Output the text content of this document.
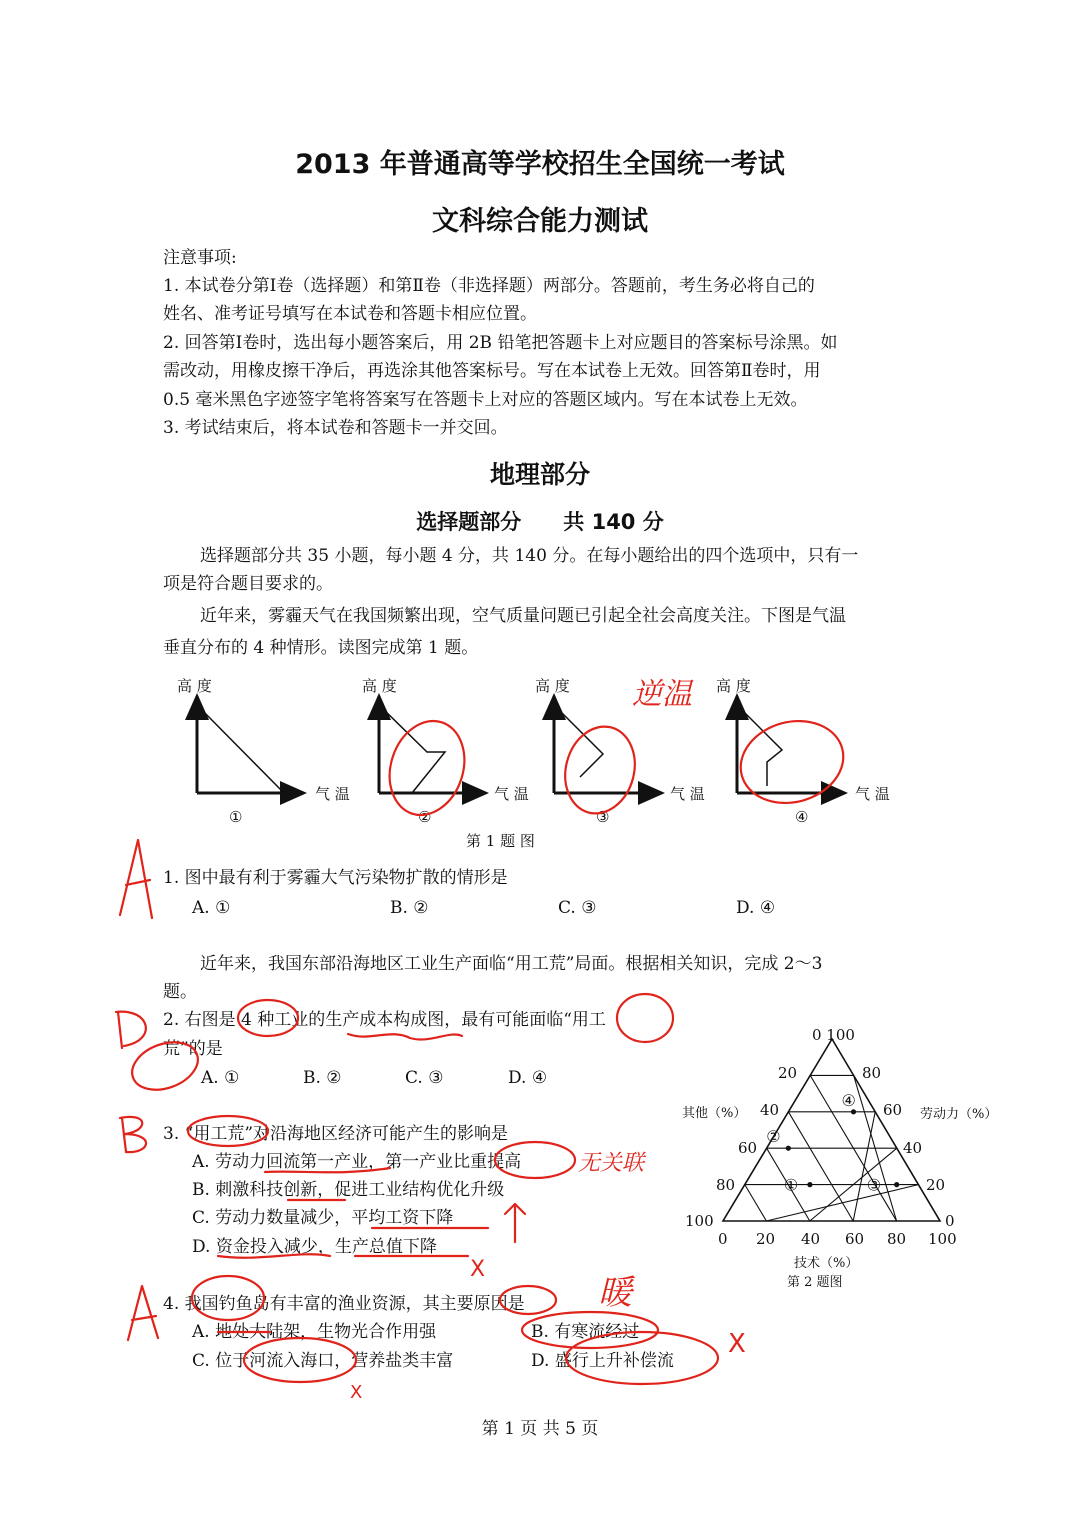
2013 年普通高等学校招生全国统一考试
文科综合能力测试
注意事项:
1. 本试卷分第Ⅰ卷（选择题）和第Ⅱ卷（非选择题）两部分。答题前，考生务必将自己的
姓名、准考证号填写在本试卷和答题卡相应位置。
2. 回答第Ⅰ卷时，选出每小题答案后，用 2B 铅笔把答题卡上对应题目的答案标号涂黑。如
需改动，用橡皮擦干净后，再选涂其他答案标号。写在本试卷上无效。回答第Ⅱ卷时，用
0.5 毫米黑色字迹签字笔将答案写在答题卡上对应的答题区域内。写在本试卷上无效。
3. 考试结束后，将本试卷和答题卡一并交回。
地理部分
选择题部分　　共 140 分
选择题部分共 35 小题，每小题 4 分，共 140 分。在每小题给出的四个选项中，只有一
项是符合题目要求的。
近年来，雾霾天气在我国频繁出现，空气质量问题已引起全社会高度关注。下图是气温
垂直分布的 4 种情形。读图完成第 1 题。
高 度	高 度	高 度	高 度
气 温	气 温	气 温	气 温
①	②	③	④
第 1 题 图
1. 图中最有利于雾霾大气污染物扩散的情形是
A. ①	B. ②	C. ③	D. ④
近年来，我国东部沿海地区工业生产面临“用工荒”局面。根据相关知识，完成 2～3
题。
2. 右图是 4 种工业的生产成本构成图，最有可能面临“用工
荒”的是
A. ①	B. ②	C. ③	D. ④
3. “用工荒”对沿海地区经济可能产生的影响是
A. 劳动力回流第一产业，第一产业比重提高
B. 刺激科技创新，促进工业结构优化升级
C. 劳动力数量减少，平均工资下降
D. 资金投入减少，生产总值下降
4. 我国钓鱼岛有丰富的渔业资源，其主要原因是
A. 地处大陆架，生物光合作用强	B. 有寒流经过
C. 位于河流入海口，营养盐类丰富	D. 盛行上升补偿流
0 100
其他（%）	劳动力（%）
技术（%）
第 2 题图
20
40
60
80
100
80
60
40
20
0
0 20 40 60 80 100
①
②
③
④
逆温
无关联
X
X
X
暖
第 1 页 共 5 页
